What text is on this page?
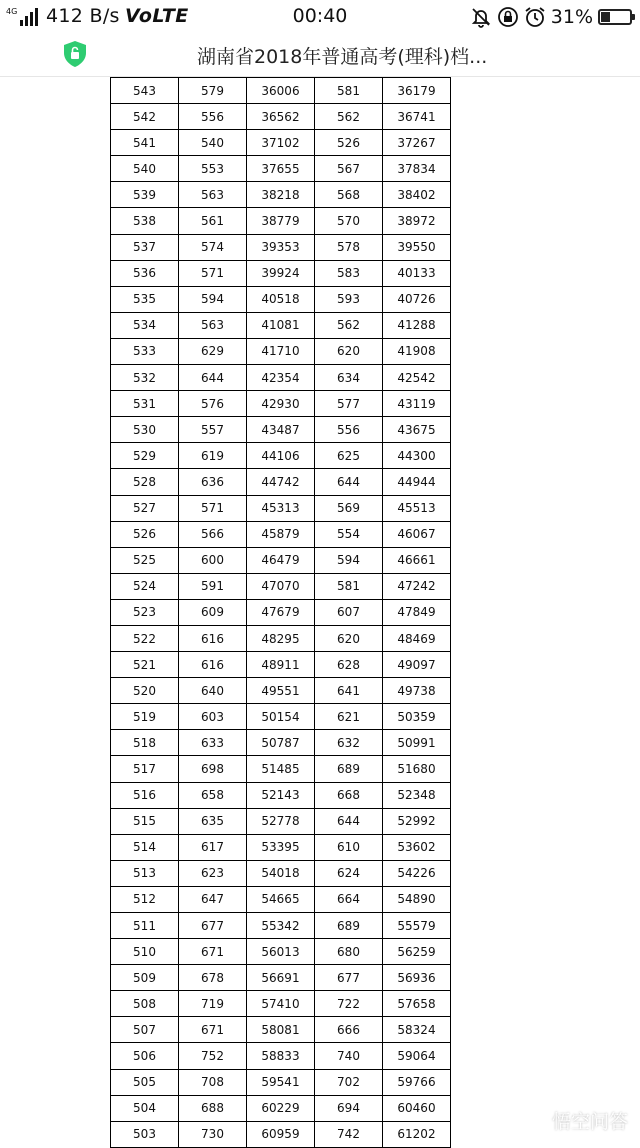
4G 412 B/s VoLTE	00:40	31%
湖南省2018年普通高考(理科)档...
543	579	36006	581	36179
542	556	36562	562	36741
541	540	37102	526	37267
540	553	37655	567	37834
539	563	38218	568	38402
538	561	38779	570	38972
537	574	39353	578	39550
536	571	39924	583	40133
535	594	40518	593	40726
534	563	41081	562	41288
533	629	41710	620	41908
532	644	42354	634	42542
531	576	42930	577	43119
530	557	43487	556	43675
529	619	44106	625	44300
528	636	44742	644	44944
527	571	45313	569	45513
526	566	45879	554	46067
525	600	46479	594	46661
524	591	47070	581	47242
523	609	47679	607	47849
522	616	48295	620	48469
521	616	48911	628	49097
520	640	49551	641	49738
519	603	50154	621	50359
518	633	50787	632	50991
517	698	51485	689	51680
516	658	52143	668	52348
515	635	52778	644	52992
514	617	53395	610	53602
513	623	54018	624	54226
512	647	54665	664	54890
511	677	55342	689	55579
510	671	56013	680	56259
509	678	56691	677	56936
508	719	57410	722	57658
507	671	58081	666	58324
506	752	58833	740	59064
505	708	59541	702	59766
504	688	60229	694	60460
503	730	60959	742	61202
悟空问答
